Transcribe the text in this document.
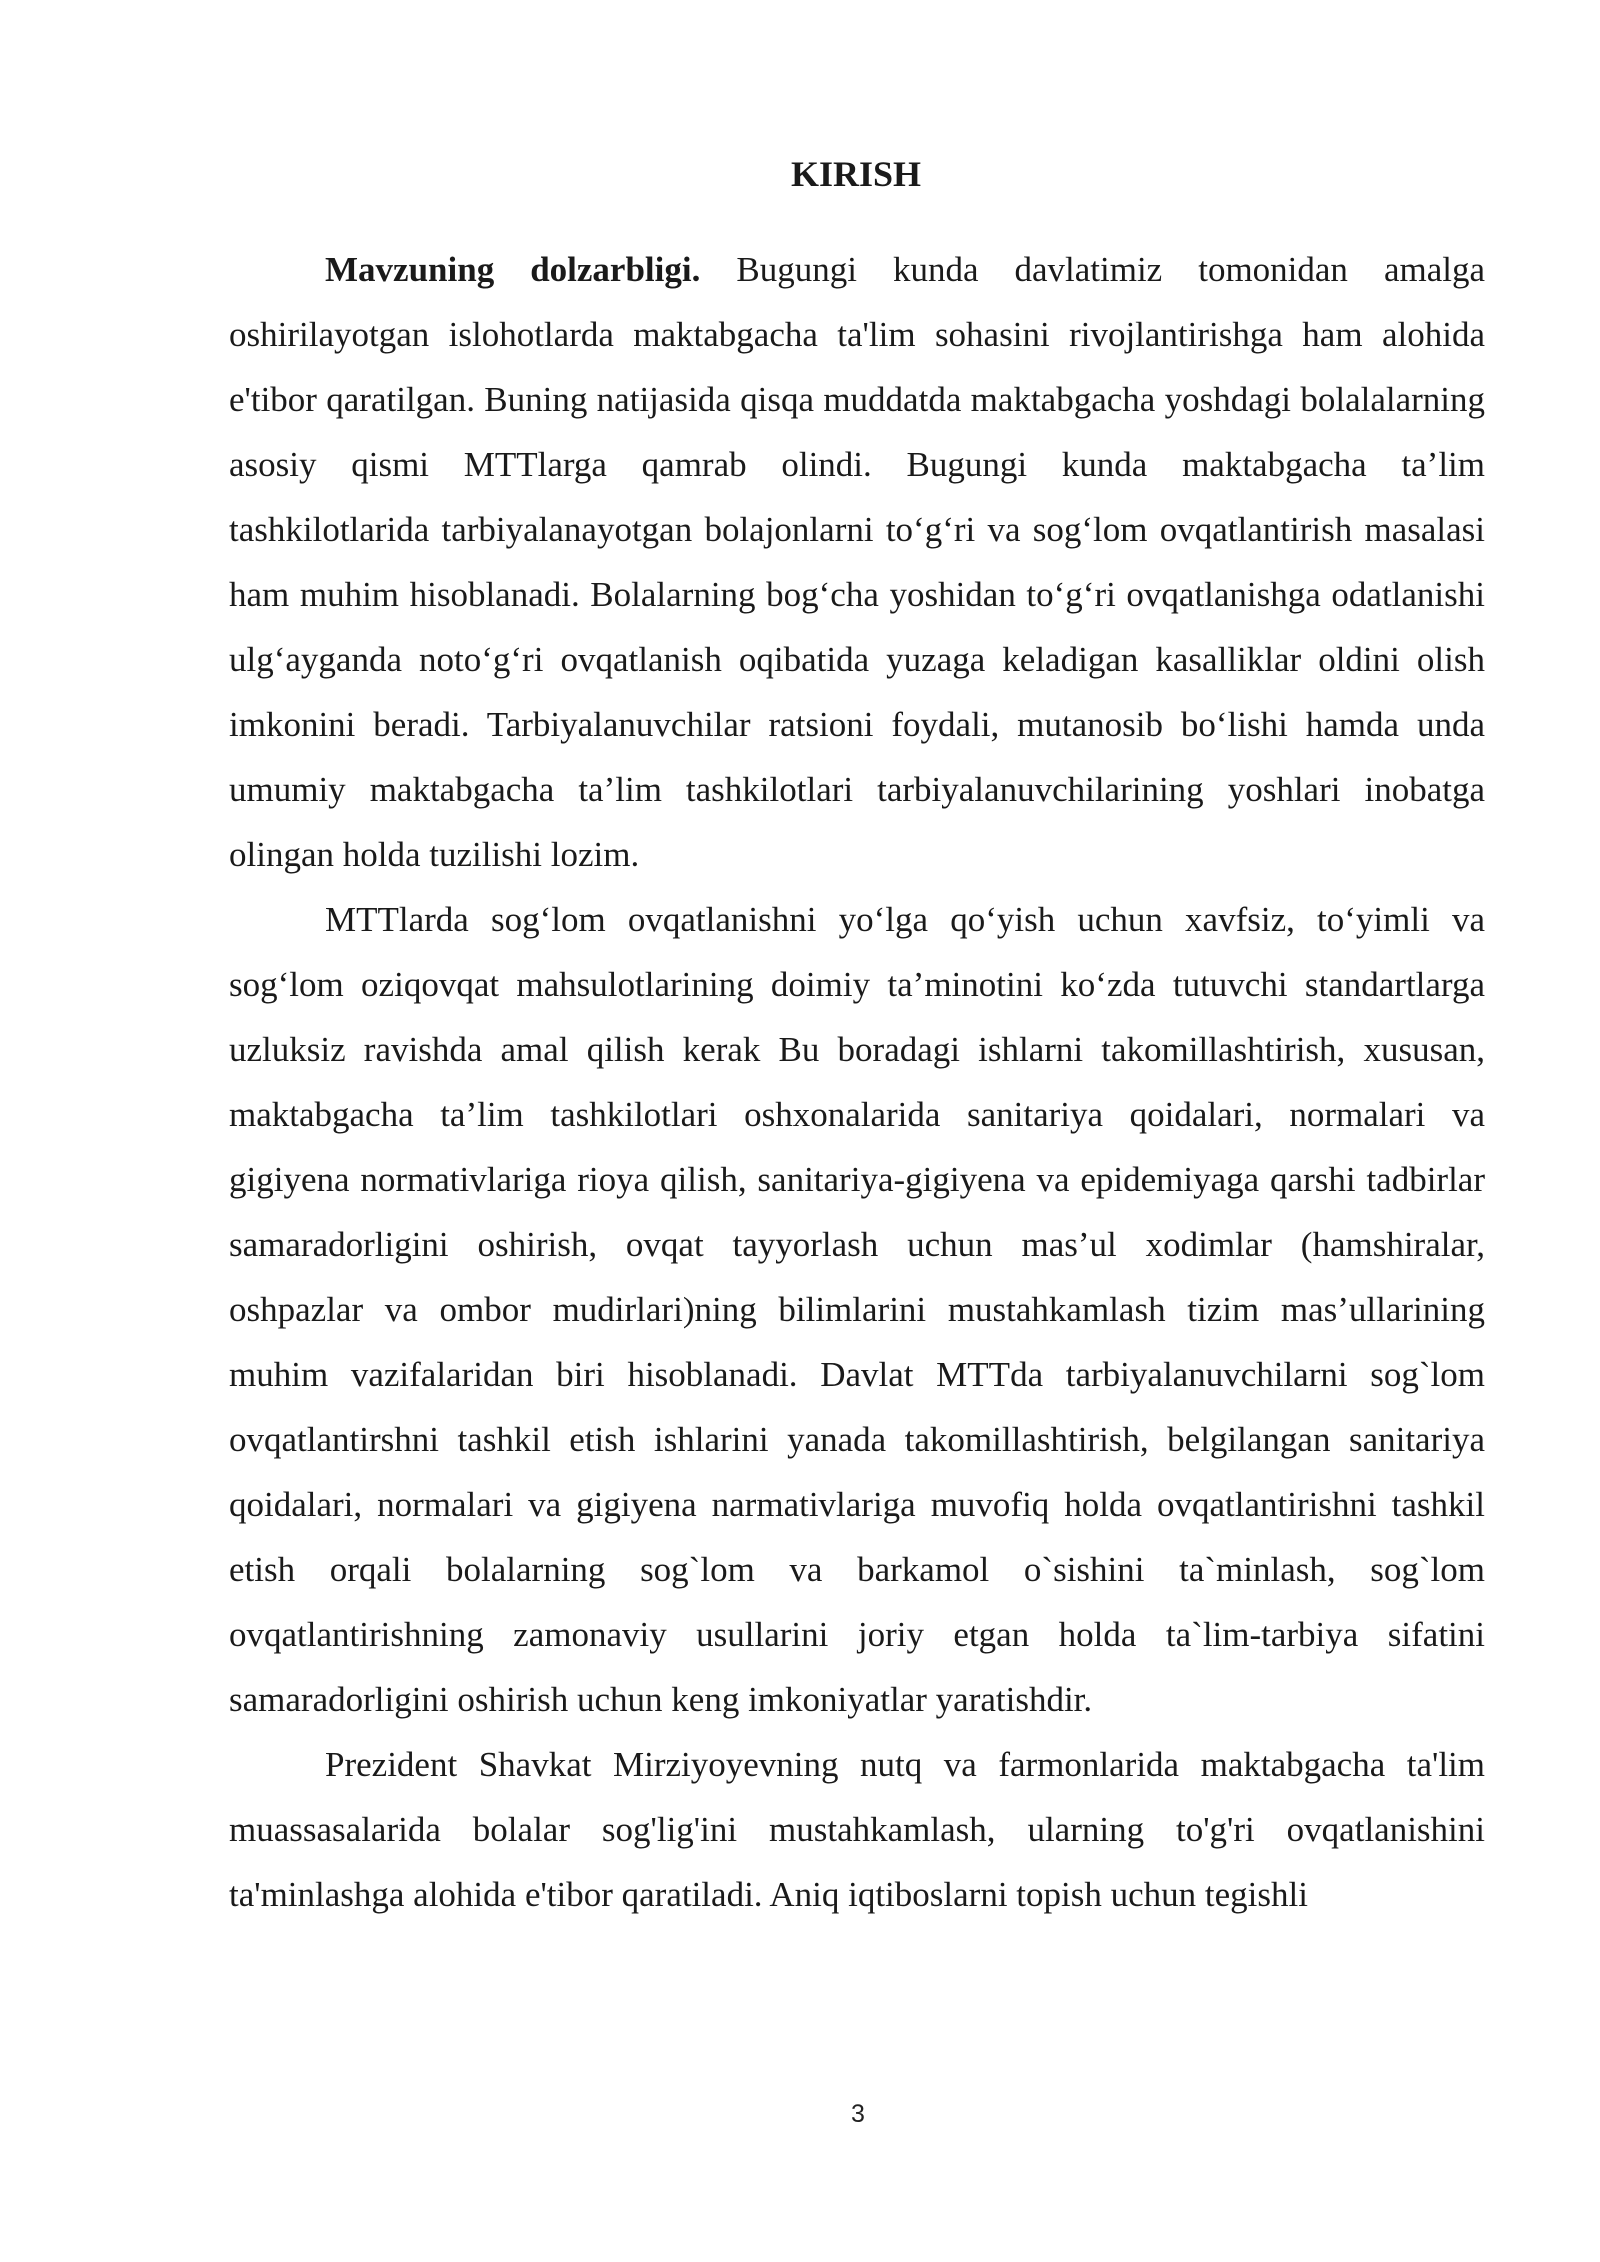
KIRISH

Mavzuning dolzarbligi. Bugungi kunda davlatimiz tomonidan amalga oshirilayotgan islohotlarda maktabgacha ta'lim sohasini rivojlantirishga ham alohida e'tibor qaratilgan. Buning natijasida qisqa muddatda maktabgacha yoshdagi bolalalarning asosiy qismi MTTlarga qamrab olindi. Bugungi kunda maktabgacha ta’lim tashkilotlarida tarbiyalanayotgan bolajonlarni to‘g‘ri va sog‘lom ovqatlantirish masalasi ham muhim hisoblanadi. Bolalarning bog‘cha yoshidan to‘g‘ri ovqatlanishga odatlanishi ulg‘ayganda noto‘g‘ri ovqatlanish oqibatida yuzaga keladigan kasalliklar oldini olish imkonini beradi. Tarbiyalanuvchilar ratsioni foydali, mutanosib bo‘lishi hamda unda umumiy maktabgacha ta’lim tashkilotlari tarbiyalanuvchilarining yoshlari inobatga olingan holda tuzilishi lozim.

MTTlarda sog‘lom ovqatlanishni yo‘lga qo‘yish uchun xavfsiz, to‘yimli va sog‘lom oziqovqat mahsulotlarining doimiy ta’minotini ko‘zda tutuvchi standartlarga uzluksiz ravishda amal qilish kerak Bu boradagi ishlarni takomillashtirish, xususan, maktabgacha ta’lim tashkilotlari oshxonalarida sanitariya qoidalari, normalari va gigiyena normativlariga rioya qilish, sanitariya-gigiyena va epidemiyaga qarshi tadbirlar samaradorligini oshirish, ovqat tayyorlash uchun mas’ul xodimlar (hamshiralar, oshpazlar va ombor mudirlari)ning bilimlarini mustahkamlash tizim mas’ullarining muhim vazifalaridan biri hisoblanadi. Davlat MTTda tarbiyalanuvchilarni sog`lom ovqatlantirshni tashkil etish ishlarini yanada takomillashtirish, belgilangan sanitariya qoidalari, normalari va gigiyena narmativlariga muvofiq holda ovqatlantirishni tashkil etish orqali bolalarning sog`lom va barkamol o`sishini ta`minlash, sog`lom ovqatlantirishning zamonaviy usullarini joriy etgan holda ta`lim-tarbiya sifatini samaradorligini oshirish uchun keng imkoniyatlar yaratishdir.

Prezident Shavkat Mirziyoyevning nutq va farmonlarida maktabgacha ta'lim muassasalarida bolalar sog'lig'ini mustahkamlash, ularning to'g'ri ovqatlanishini ta'minlashga alohida e'tibor qaratiladi. Aniq iqtiboslarni topish uchun tegishli

3
